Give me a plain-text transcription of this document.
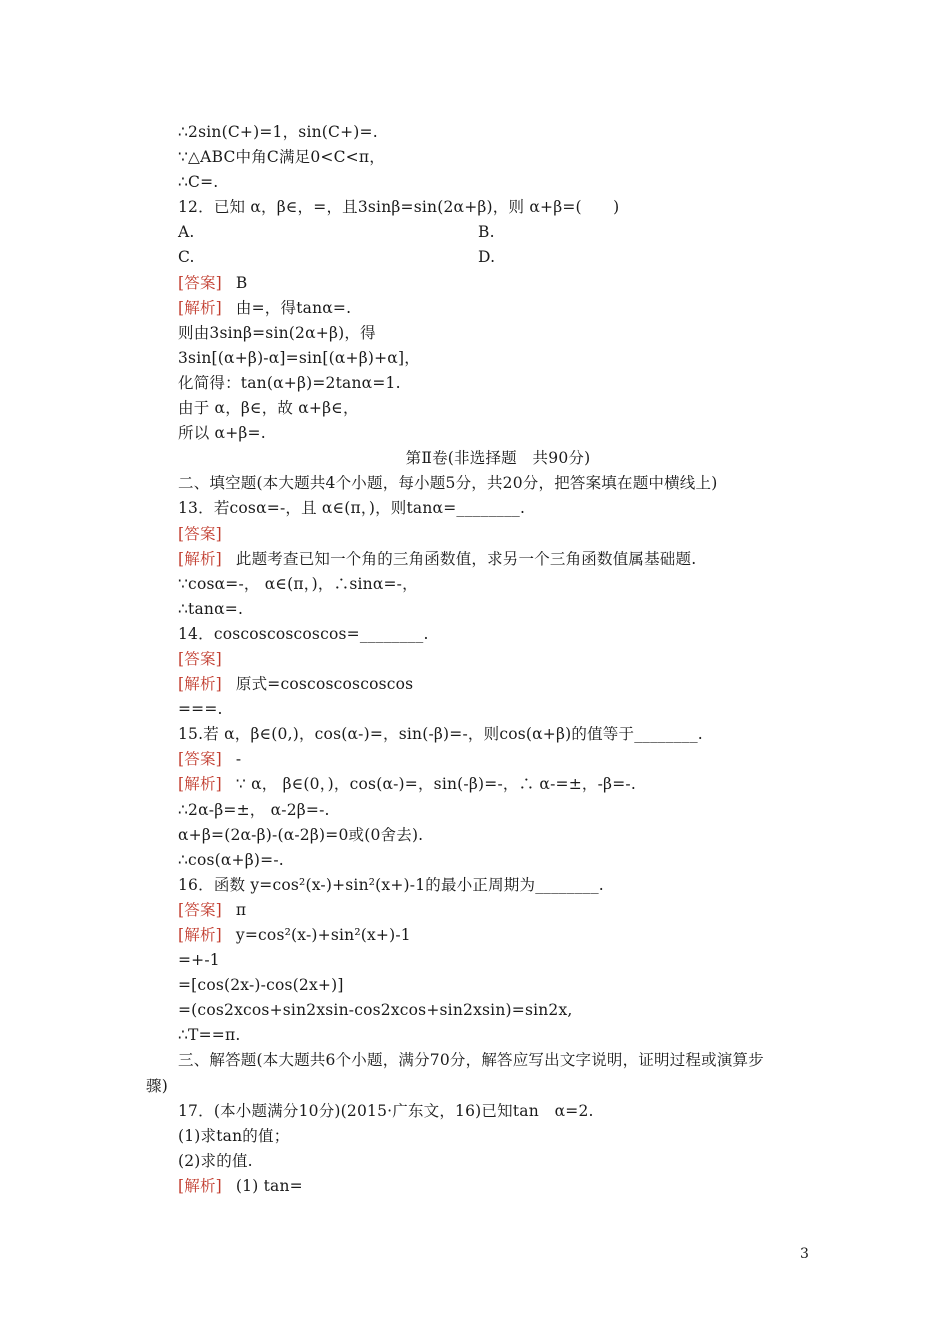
∴2sin(C+)=1，sin(C+)=.
∵△ABC中角C满足0<C<π，
∴C=.
12．已知 α，β∈，=，且3sinβ=sin(2α+β)，则 α+β=(　　)
A.	B.
C.	D.
[答案] B
[解析] 由=，得tanα=.
则由3sinβ=sin(2α+β)，得
3sin[(α+β)-α]=sin[(α+β)+α]，
化简得：tan(α+β)=2tanα=1.
由于 α，β∈，故 α+β∈，
所以 α+β=.
第Ⅱ卷(非选择题　共90分)
二、填空题(本大题共4个小题，每小题5分，共20分，把答案填在题中横线上)
13．若cosα=-，且 α∈(π，)，则tanα=________.
[答案]
[解析] 此题考查已知一个角的三角函数值，求另一个三角函数值属基础题.
∵cosα=-， α∈(π，)，∴sinα=-，
∴tanα=.
14．coscoscoscoscos=________.
[答案]
[解析] 原式=coscoscoscoscos
===.
15.若 α，β∈(0,)，cos(α-)=，sin(-β)=-，则cos(α+β)的值等于________.
[答案] -
[解析] ∵ α， β∈(0，)，cos(α-)=，sin(-β)=-，∴ α-=±，-β=-.
∴2α-β=±， α-2β=-.
α+β=(2α-β)-(α-2β)=0或(0舍去).
∴cos(α+β)=-.
16．函数 y=cos²(x-)+sin²(x+)-1的最小正周期为________.
[答案] π
[解析] y=cos²(x-)+sin²(x+)-1
=+-1
=[cos(2x-)-cos(2x+)]
=(cos2xcos+sin2xsin-cos2xcos+sin2xsin)=sin2x,
∴T==π.
三、解答题(本大题共6个小题，满分70分，解答应写出文字说明，证明过程或演算步
骤)
17．(本小题满分10分)(2015·广东文，16)已知tan　α=2.
(1)求tan的值；
(2)求的值.
[解析] (1) tan=
3
